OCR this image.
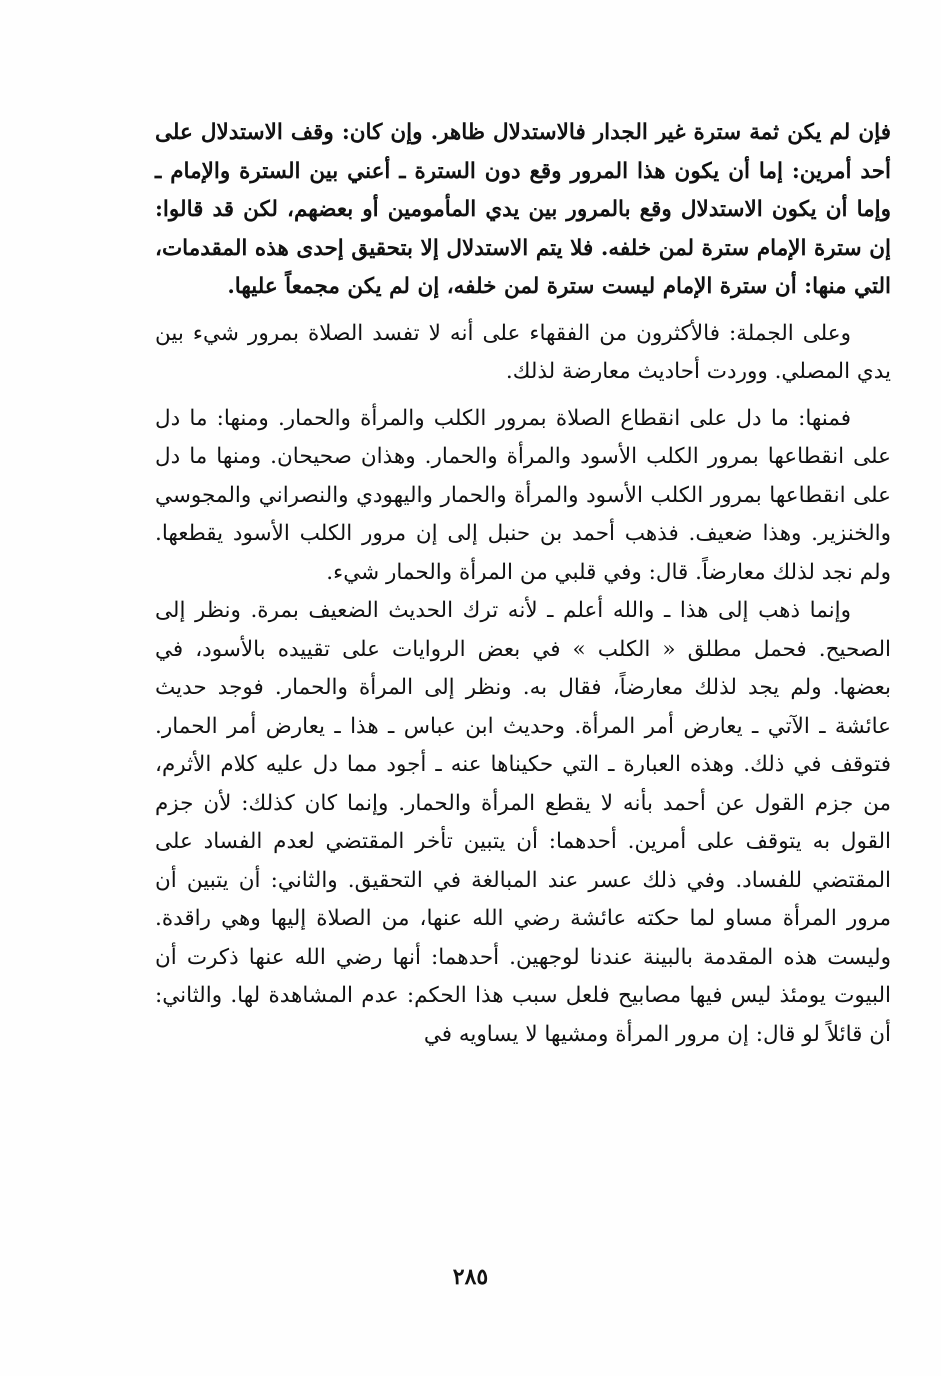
فإن لم يكن ثمة سترة غير الجدار فالاستدلال ظاهر. وإن كان: وقف الاستدلال على أحد أمرين: إما أن يكون هذا المرور وقع دون السترة ـ أعني بين السترة والإمام ـ وإما أن يكون الاستدلال وقع بالمرور بين يدي المأمومين أو بعضهم، لكن قد قالوا: إن سترة الإمام سترة لمن خلفه. فلا يتم الاستدلال إلا بتحقيق إحدى هذه المقدمات، التي منها: أن سترة الإمام ليست سترة لمن خلفه، إن لم يكن مجمعاً عليها.

وعلى الجملة: فالأكثرون من الفقهاء على أنه لا تفسد الصلاة بمرور شيء بين يدي المصلي. ووردت أحاديث معارضة لذلك.

فمنها: ما دل على انقطاع الصلاة بمرور الكلب والمرأة والحمار. ومنها: ما دل على انقطاعها بمرور الكلب الأسود والمرأة والحمار. وهذان صحيحان. ومنها ما دل على انقطاعها بمرور الكلب الأسود والمرأة والحمار واليهودي والنصراني والمجوسي والخنزير. وهذا ضعيف. فذهب أحمد بن حنبل إلى إن مرور الكلب الأسود يقطعها. ولم نجد لذلك معارضاً. قال: وفي قلبي من المرأة والحمار شيء.

وإنما ذهب إلى هذا ـ والله أعلم ـ لأنه ترك الحديث الضعيف بمرة. ونظر إلى الصحيح. فحمل مطلق « الكلب » في بعض الروايات على تقييده بالأسود، في بعضها. ولم يجد لذلك معارضاً، فقال به. ونظر إلى المرأة والحمار. فوجد حديث عائشة ـ الآتي ـ يعارض أمر المرأة. وحديث ابن عباس ـ هذا ـ يعارض أمر الحمار. فتوقف في ذلك. وهذه العبارة ـ التي حكيناها عنه ـ أجود مما دل عليه كلام الأثرم، من جزم القول عن أحمد بأنه لا يقطع المرأة والحمار. وإنما كان كذلك: لأن جزم القول به يتوقف على أمرين. أحدهما: أن يتبين تأخر المقتضي لعدم الفساد على المقتضي للفساد. وفي ذلك عسر عند المبالغة في التحقيق. والثاني: أن يتبين أن مرور المرأة مساو لما حكته عائشة رضي الله عنها، من الصلاة إليها وهي راقدة. وليست هذه المقدمة بالبينة عندنا لوجهين. أحدهما: أنها رضي الله عنها ذكرت أن البيوت يومئذ ليس فيها مصابيح فلعل سبب هذا الحكم: عدم المشاهدة لها. والثاني: أن قائلاً لو قال: إن مرور المرأة ومشيها لا يساويه في

٢٨٥
